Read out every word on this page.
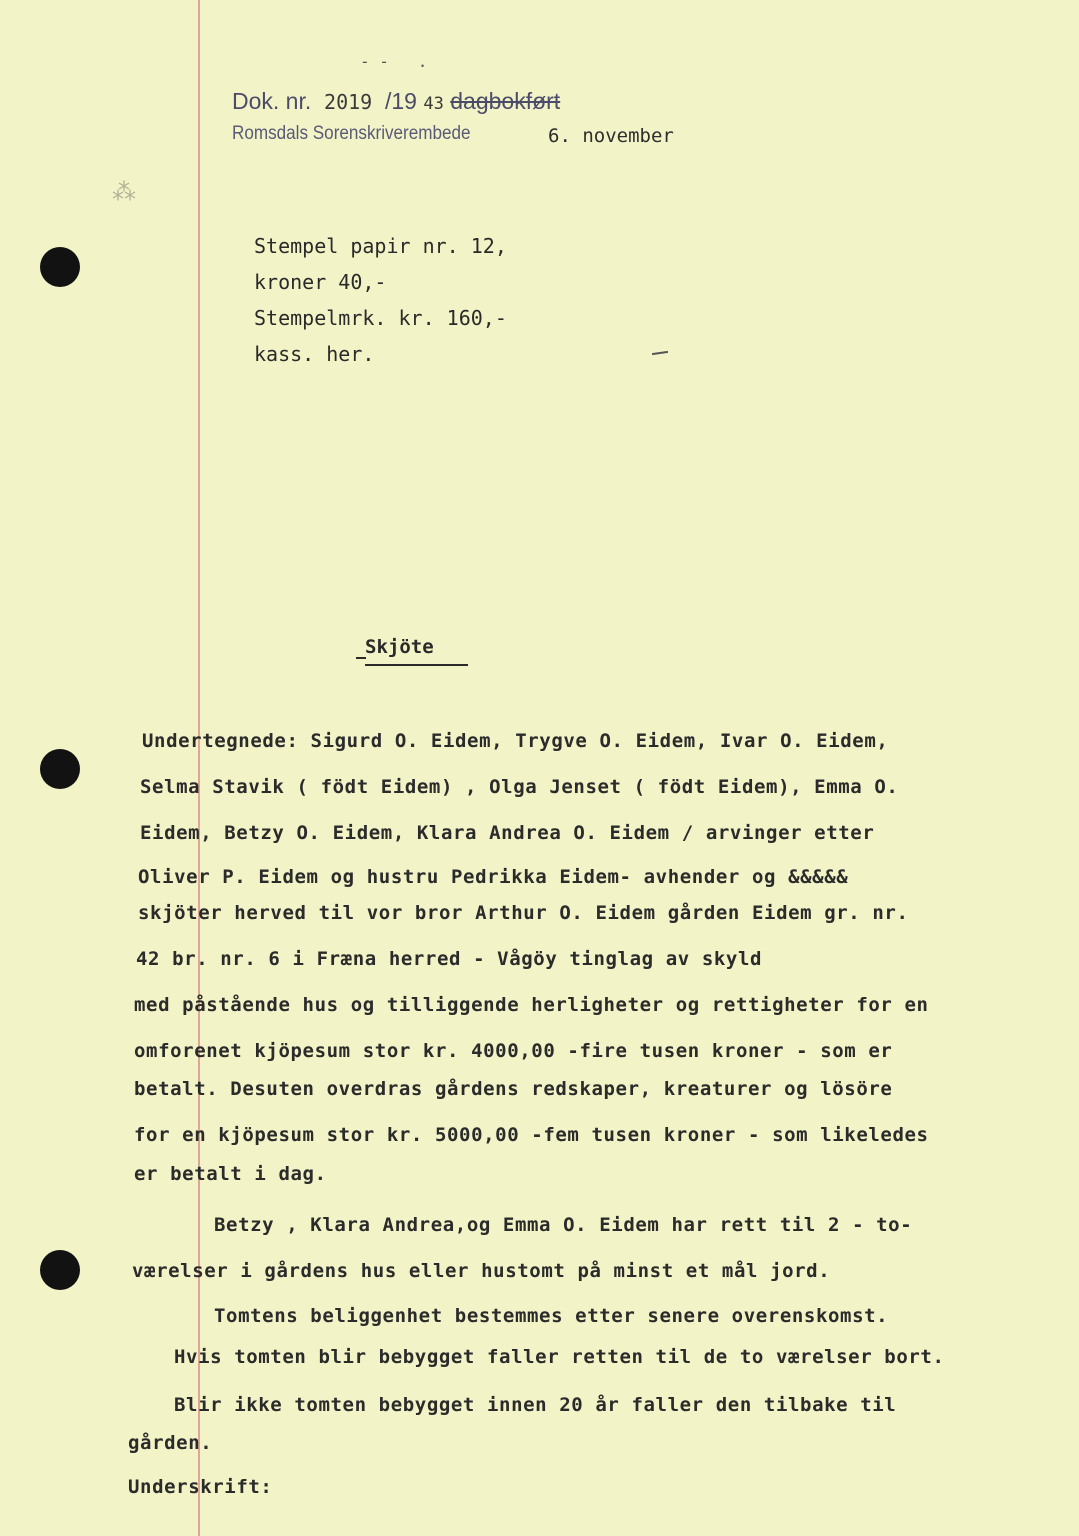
- -   .
⁂
Dok. nr. 2019 /19 43 dagbokført
Romsdals Sorenskriverembede	6. november
Stempel papir nr. 12,
kroner 40,-
Stempelmrk. kr. 160,-
kass. her.
Skjöte
Undertegnede: Sigurd O. Eidem, Trygve O. Eidem, Ivar O. Eidem,
Selma Stavik ( födt Eidem) , Olga Jenset ( födt Eidem), Emma O.
Eidem, Betzy O. Eidem, Klara Andrea O. Eidem / arvinger etter
Oliver P. Eidem og hustru Pedrikka Eidem- avhender og &&&&&
skjöter herved til vor bror Arthur O. Eidem gården Eidem gr. nr.
42 br. nr. 6 i Fræna herred - Vågöy tinglag av skyld
med påstående hus og tilliggende herligheter og rettigheter for en
omforenet kjöpesum stor kr. 4000,00 -fire tusen kroner - som er
betalt. Desuten overdras gårdens redskaper, kreaturer og lösöre
for en kjöpesum stor kr. 5000,00 -fem tusen kroner - som likeledes
er betalt i dag.
Betzy , Klara Andrea,og Emma O. Eidem har rett til 2 - to-
værelser i gårdens hus eller hustomt på minst et mål jord.
Tomtens beliggenhet bestemmes etter senere overenskomst.
Hvis tomten blir bebygget faller retten til de to værelser bort.
Blir ikke tomten bebygget innen 20 år faller den tilbake til
gården.
Underskrift:
